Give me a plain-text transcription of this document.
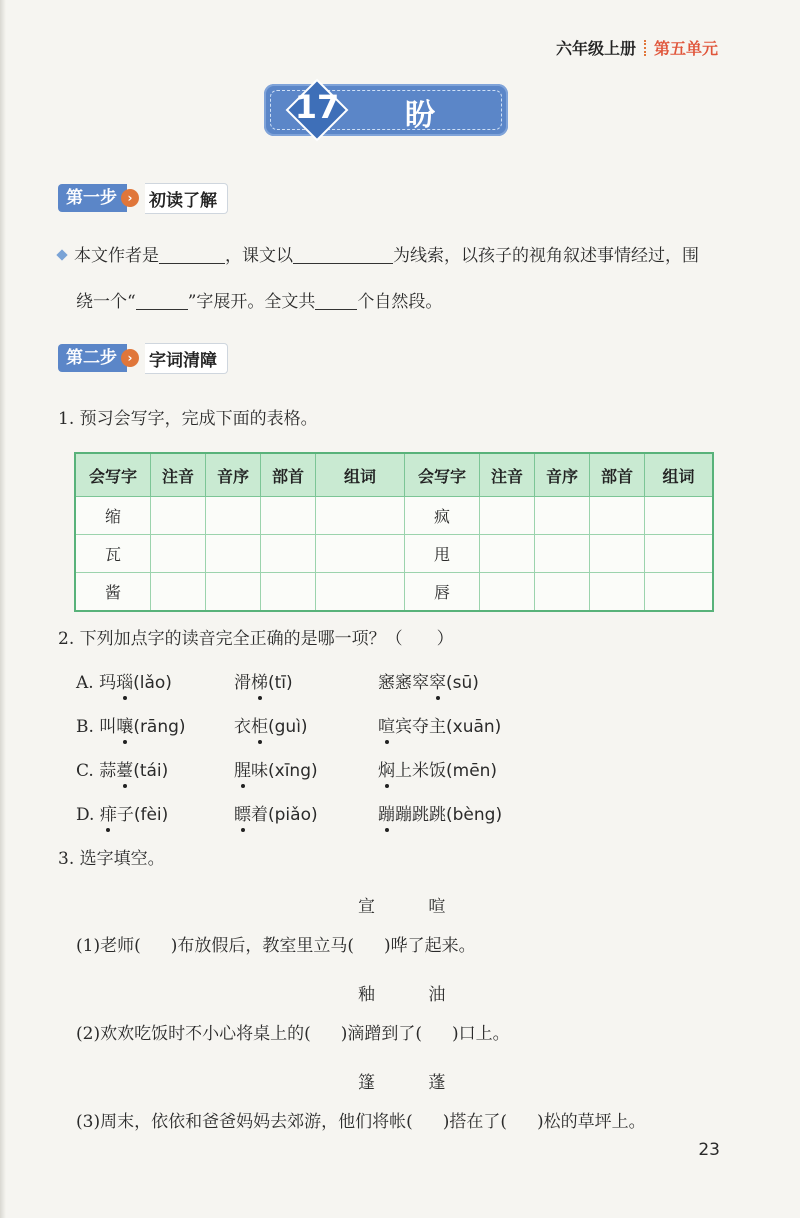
六年级上册 第五单元
17	盼
第一步 › 初读了解
本文作者是	，课文以	为线索，以孩子的视角叙述事情经过，围
绕一个“	”字展开。全文共 个自然段。
第二步 › 字词清障
1. 预习会写字，完成下面的表格。
会写字	注音	音序	部首	组词	会写字	注音	音序	部首	组词
缩					疯				
瓦					甩				
酱					唇				
2. 下列加点字的读音完全正确的是哪一项？（　　）
A. 玛瑙(lǎo)	滑梯(tī)	窸窸窣窣(sū)
B. 叫嚷(rāng)	衣柜(guì)	喧宾夺主(xuān)
C. 蒜薹(tái)	腥味(xīng)	焖上米饭(mēn)
D. 痱子(fèi)	瞟着(piǎo)	蹦蹦跳跳(bèng)
3. 选字填空。
宣 喧
(1)老师( )布放假后，教室里立马( )哗了起来。
釉 油
(2)欢欢吃饭时不小心将桌上的( )滴蹭到了( )口上。
篷 蓬
(3)周末，依依和爸爸妈妈去郊游，他们将帐( )搭在了( )松的草坪上。
23
